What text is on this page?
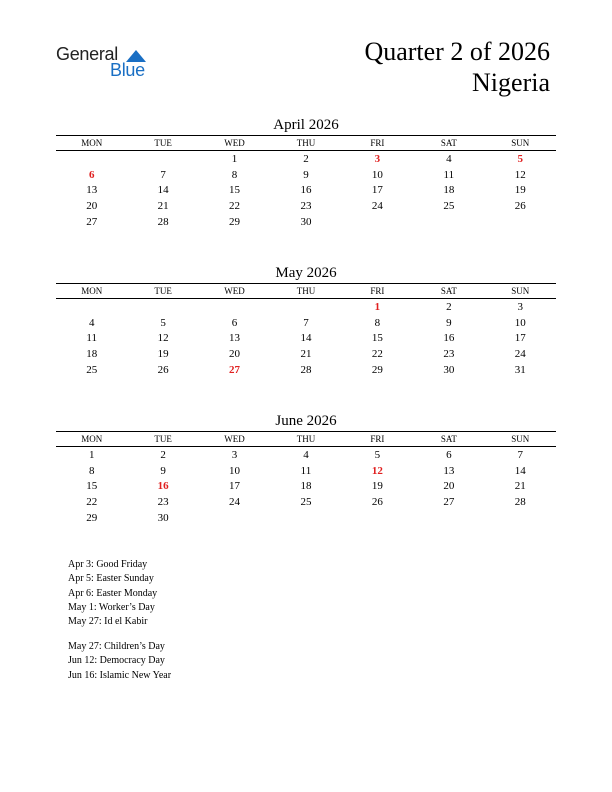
General
Blue
Quarter 2 of 2026
Nigeria
April 2026
MON	TUE	WED	THU	FRI	SAT	SUN
		1	2	3	4	5
6	7	8	9	10	11	12
13	14	15	16	17	18	19
20	21	22	23	24	25	26
27	28	29	30			
May 2026
MON	TUE	WED	THU	FRI	SAT	SUN
				1	2	3
4	5	6	7	8	9	10
11	12	13	14	15	16	17
18	19	20	21	22	23	24
25	26	27	28	29	30	31
June 2026
MON	TUE	WED	THU	FRI	SAT	SUN
1	2	3	4	5	6	7
8	9	10	11	12	13	14
15	16	17	18	19	20	21
22	23	24	25	26	27	28
29	30					
Apr 3: Good Friday
Apr 5: Easter Sunday
Apr 6: Easter Monday
May 1: Worker’s Day
May 27: Id el Kabir
May 27: Children’s Day
Jun 12: Democracy Day
Jun 16: Islamic New Year
